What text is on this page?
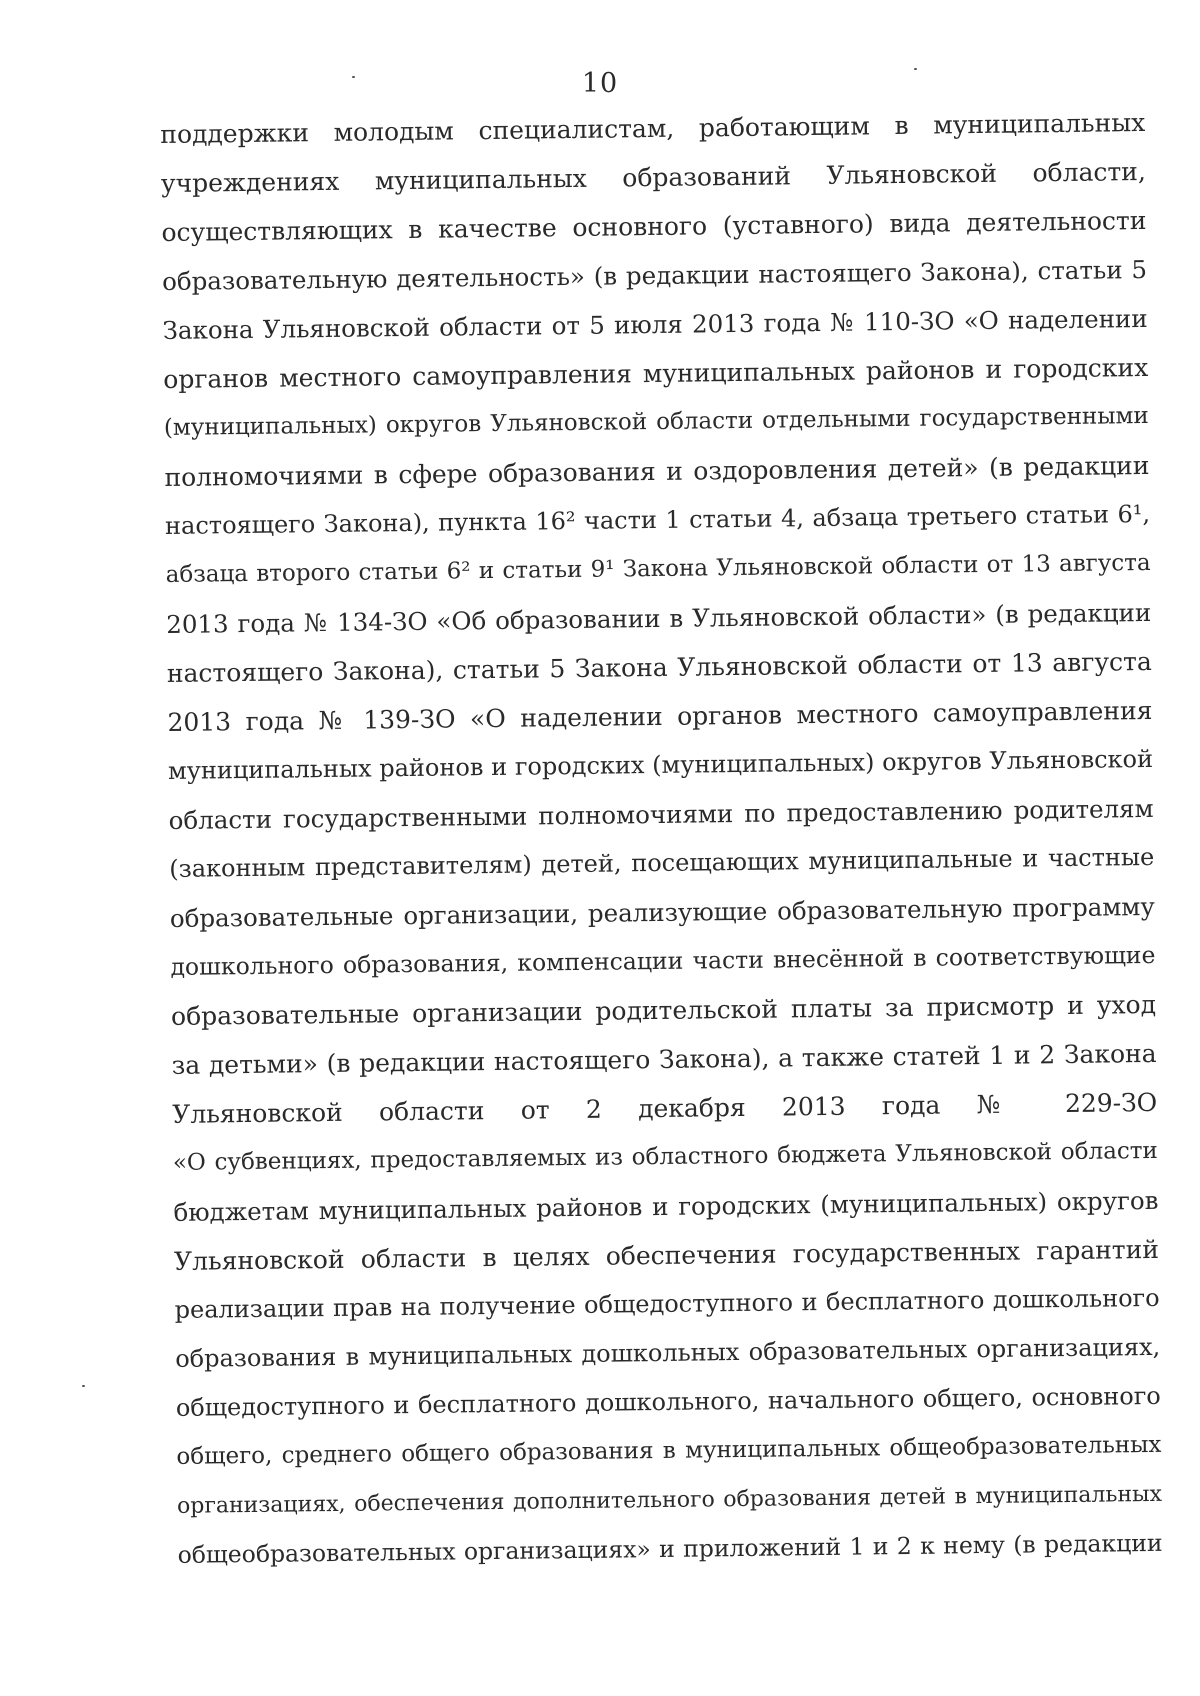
10
поддержки молодым специалистам, работающим в муниципальных
учреждениях муниципальных образований Ульяновской области,
осуществляющих в качестве основного (уставного) вида деятельности
образовательную деятельность» (в редакции настоящего Закона), статьи 5
Закона Ульяновской области от 5 июля 2013 года № 110-ЗО «О наделении
органов местного самоуправления муниципальных районов и городских
(муниципальных) округов Ульяновской области отдельными государственными
полномочиями в сфере образования и оздоровления детей» (в редакции
настоящего Закона), пункта 16² части 1 статьи 4, абзаца третьего статьи 6¹,
абзаца второго статьи 6² и статьи 9¹ Закона Ульяновской области от 13 августа
2013 года № 134-ЗО «Об образовании в Ульяновской области» (в редакции
настоящего Закона), статьи 5 Закона Ульяновской области от 13 августа
2013 года № 139-ЗО «О наделении органов местного самоуправления
муниципальных районов и городских (муниципальных) округов Ульяновской
области государственными полномочиями по предоставлению родителям
(законным представителям) детей, посещающих муниципальные и частные
образовательные организации, реализующие образовательную программу
дошкольного образования, компенсации части внесённой в соответствующие
образовательные организации родительской платы за присмотр и уход
за детьми» (в редакции настоящего Закона), а также статей 1 и 2 Закона
Ульяновской области от 2 декабря 2013 года № 229-ЗО
«О субвенциях, предоставляемых из областного бюджета Ульяновской области
бюджетам муниципальных районов и городских (муниципальных) округов
Ульяновской области в целях обеспечения государственных гарантий
реализации прав на получение общедоступного и бесплатного дошкольного
образования в муниципальных дошкольных образовательных организациях,
общедоступного и бесплатного дошкольного, начального общего, основного
общего, среднего общего образования в муниципальных общеобразовательных
организациях, обеспечения дополнительного образования детей в муниципальных
общеобразовательных организациях» и приложений 1 и 2 к нему (в редакции
